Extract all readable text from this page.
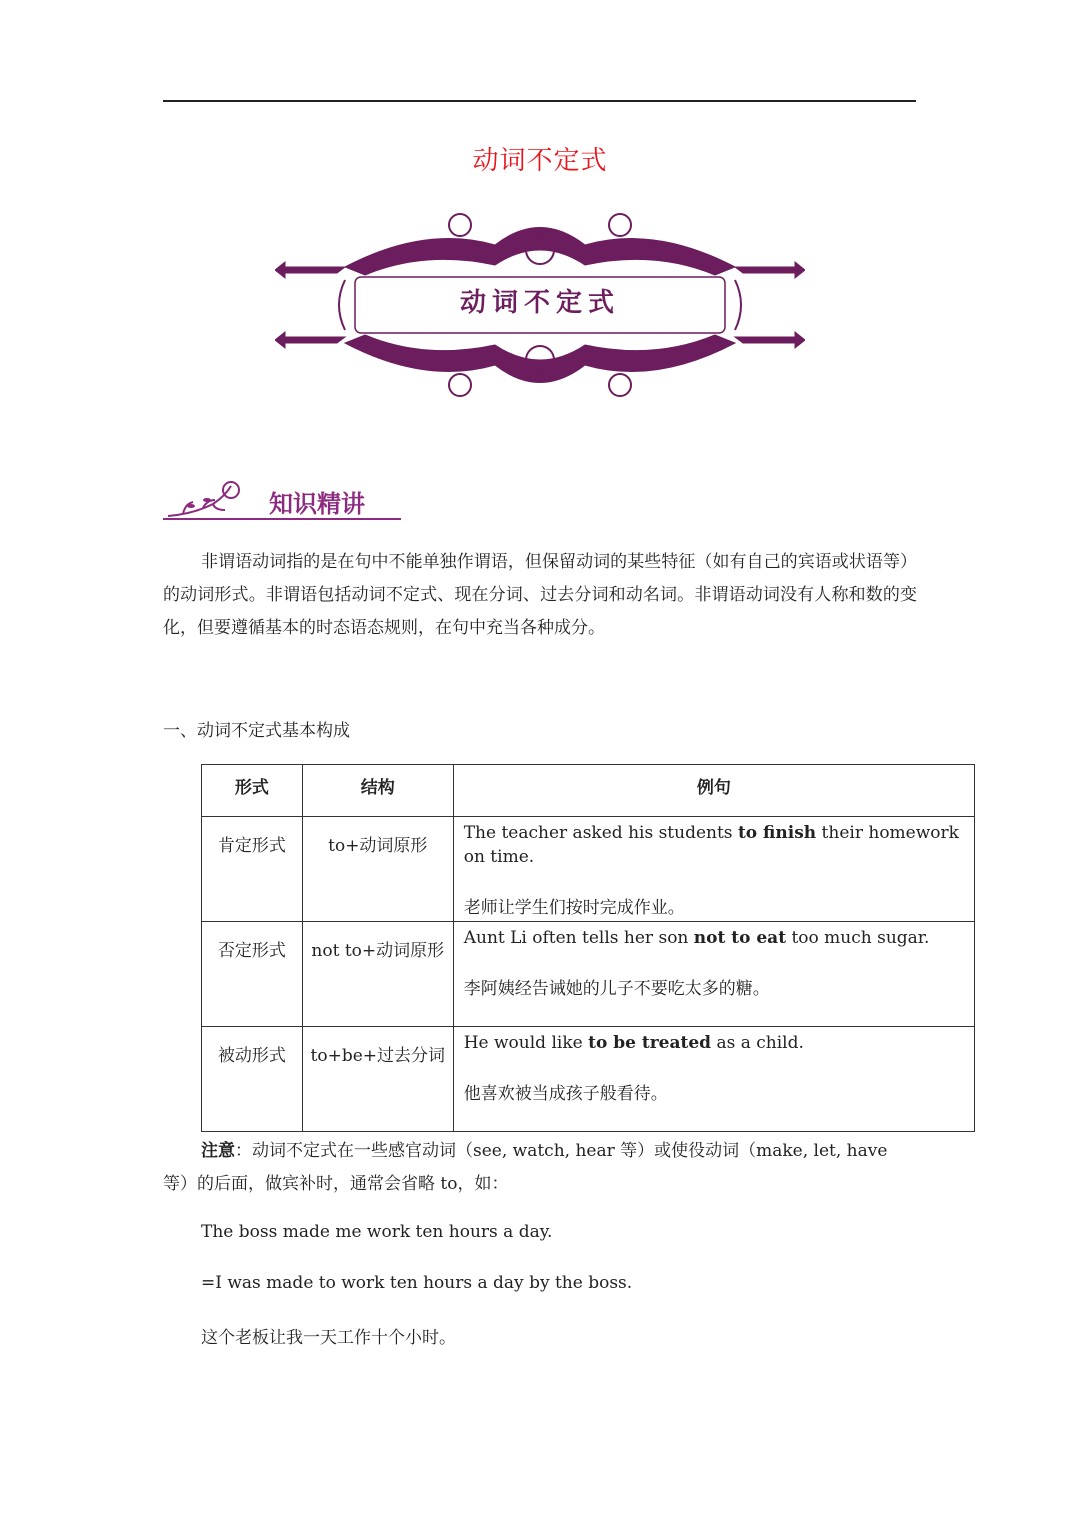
动词不定式
动词不定式
知识精讲
非谓语动词指的是在句中不能单独作谓语，但保留动词的某些特征（如有自己的宾语或状语等）的动词形式。非谓语包括动词不定式、现在分词、过去分词和动名词。非谓语动词没有人称和数的变化，但要遵循基本的时态语态规则，在句中充当各种成分。
一、动词不定式基本构成
形式	结构	例句
肯定形式	to+动词原形	The teacher asked his students to finish their homework on time.
老师让学生们按时完成作业。

否定形式	not to+动词原形	Aunt Li often tells her son not to eat too much sugar.
李阿姨经告诫她的儿子不要吃太多的糖。

被动形式	to+be+过去分词	He would like to be treated as a child.
他喜欢被当成孩子般看待。
注意：动词不定式在一些感官动词（see, watch, hear 等）或使役动词（make, let, have 等）的后面，做宾补时，通常会省略 to，如：
The boss made me work ten hours a day.
=I was made to work ten hours a day by the boss.
这个老板让我一天工作十个小时。
